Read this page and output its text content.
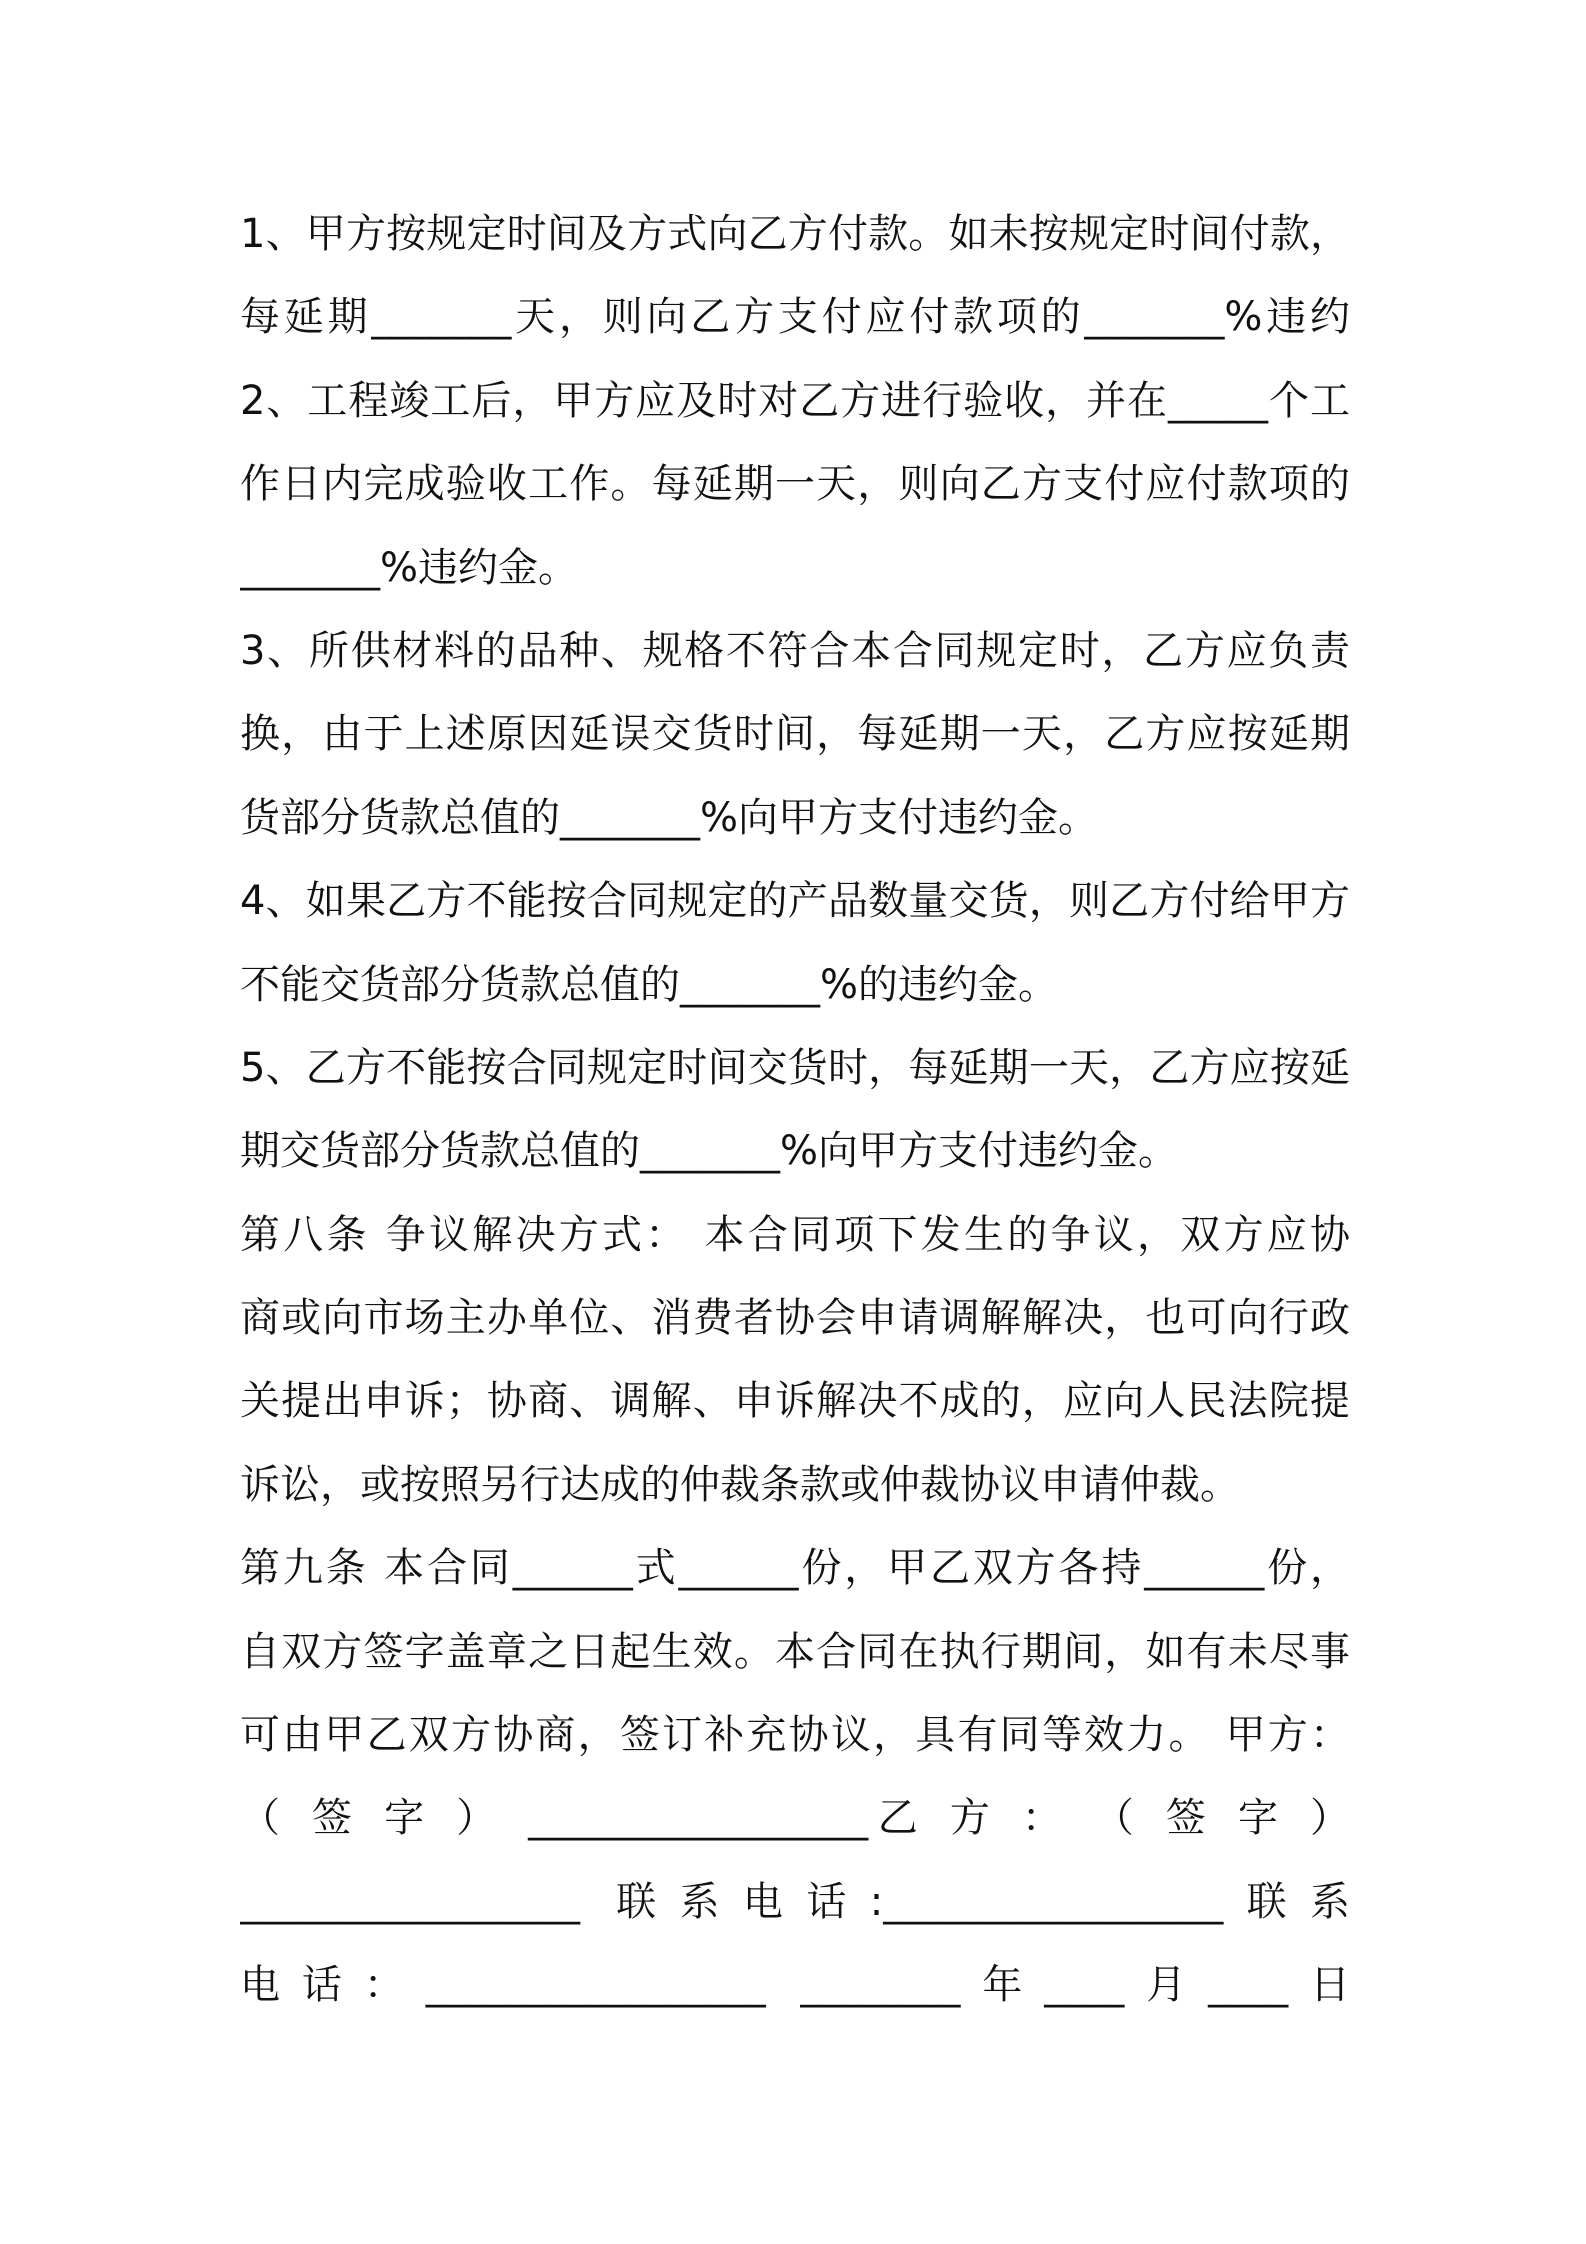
1、甲方按规定时间及方式向乙方付款。如未按规定时间付款，
每延期_______天，则向乙方支付应付款项的_______%违约
2、工程竣工后，甲方应及时对乙方进行验收，并在_____个工
作日内完成验收工作。每延期一天，则向乙方支付应付款项的
_______%违约金。
3、所供材料的品种、规格不符合本合同规定时，乙方应负责
换，由于上述原因延误交货时间，每延期一天，乙方应按延期
货部分货款总值的_______%向甲方支付违约金。
4、如果乙方不能按合同规定的产品数量交货，则乙方付给甲方
不能交货部分货款总值的_______%的违约金。
5、乙方不能按合同规定时间交货时，每延期一天，乙方应按延
期交货部分货款总值的_______%向甲方支付违约金。
第八条 争议解决方式： 本合同项下发生的争议，双方应协
商或向市场主办单位、消费者协会申请调解解决，也可向行政
关提出申诉；协商、调解、申诉解决不成的，应向人民法院提
诉讼，或按照另行达成的仲裁条款或仲裁协议申请仲裁。
第九条 本合同______式______份，甲乙双方各持______份，
自双方签字盖章之日起生效。本合同在执行期间，如有未尽事
可由甲乙双方协商，签订补充协议，具有同等效力。 甲方：
（ 签 字 ） _________________乙 方 ： （ 签 字 ）
_________________ 联系电话:_________________联系
电话：_________________ ________年____月____日
